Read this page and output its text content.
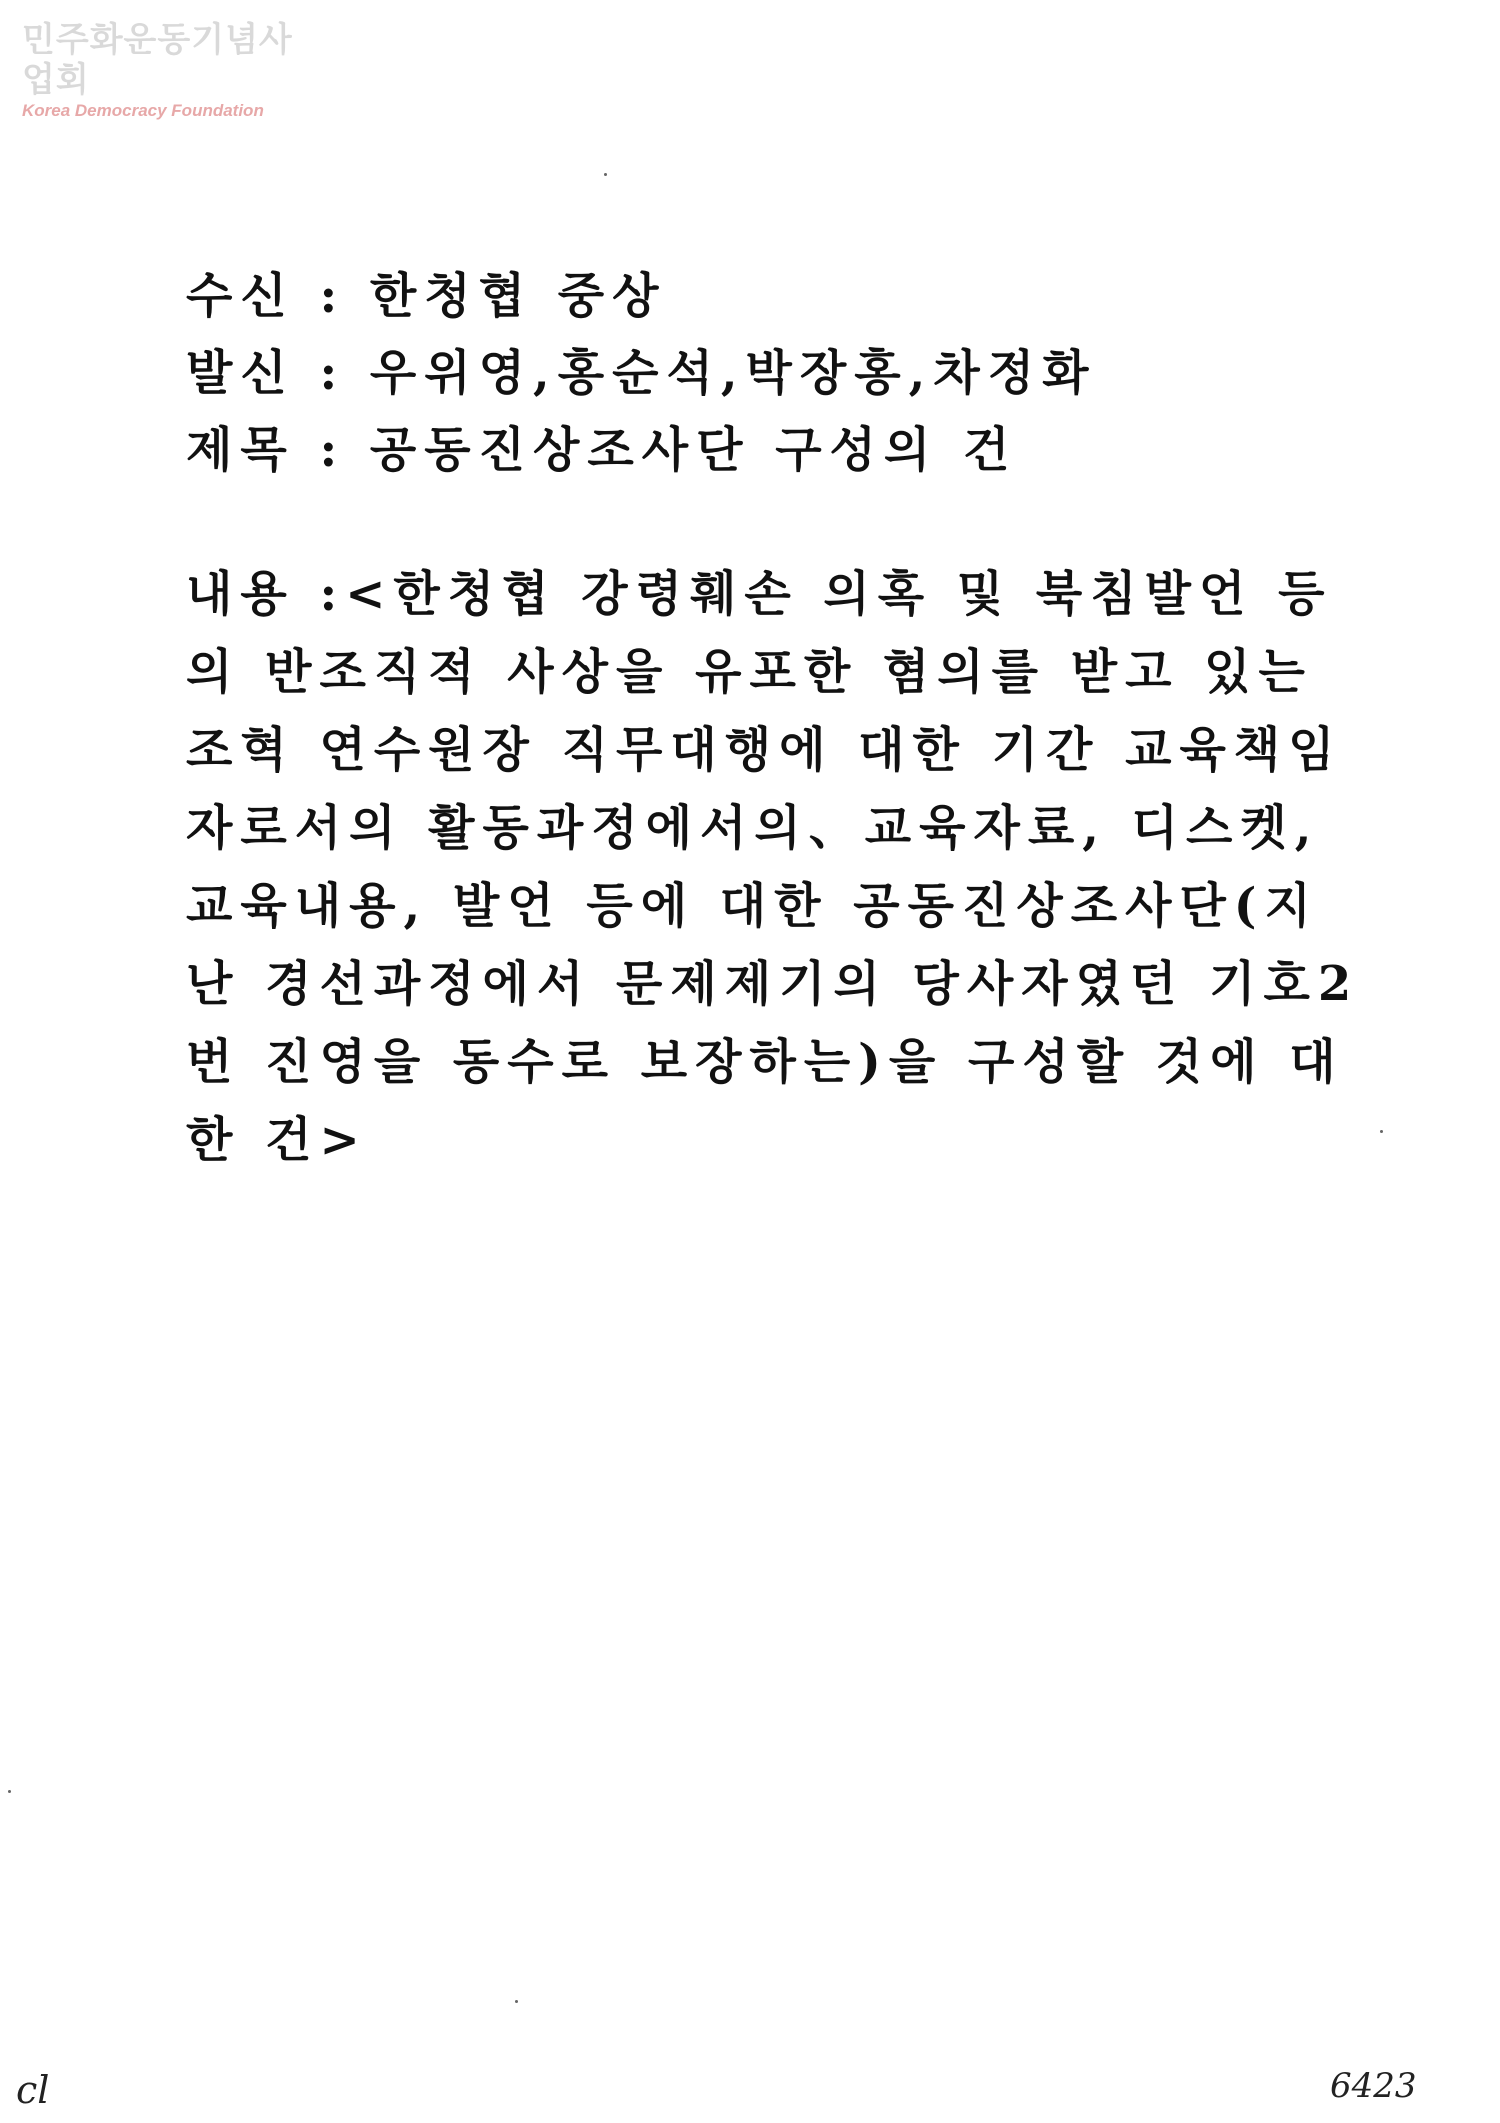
민주화운동기념사업회
Korea Democracy Foundation
수신 : 한청협 중상
발신 : 우위영,홍순석,박장홍,차정화
제목 : 공동진상조사단 구성의 건
내용 :<한청협 강령훼손 의혹 및 북침발언 등
의 반조직적 사상을 유포한 혐의를 받고 있는
조혁 연수원장 직무대행에 대한 기간 교육책임
자로서의 활동과정에서의、교육자료, 디스켓,
교육내용, 발언 등에 대한 공동진상조사단(지
난 경선과정에서 문제제기의 당사자였던 기호2
번 진영을 동수로 보장하는)을 구성할 것에 대
한 건>
cl	6423
